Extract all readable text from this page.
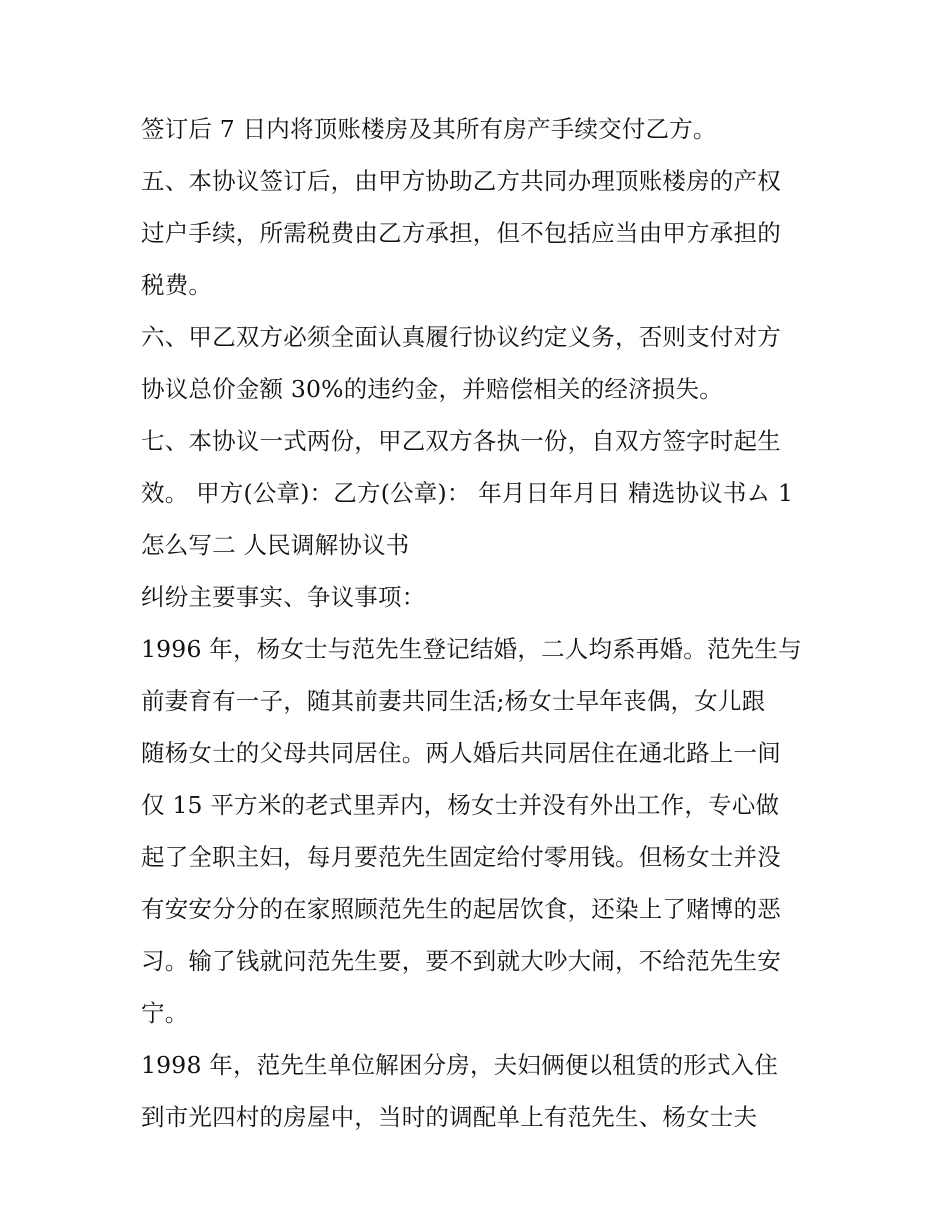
签订后 7 日内将顶账楼房及其所有房产手续交付乙方。
五、本协议签订后，由甲方协助乙方共同办理顶账楼房的产权
过户手续，所需税费由乙方承担，但不包括应当由甲方承担的
税费。
六、甲乙双方必须全面认真履行协议约定义务，否则支付对方
协议总价金额 30%的违约金，并赔偿相关的经济损失。
七、本协议一式两份，甲乙双方各执一份，自双方签字时起生
效。 甲方(公章)：乙方(公章)： 年月日年月日 精选协议书ム 1
怎么写二 人民调解协议书
纠纷主要事实、争议事项：
1996 年，杨女士与范先生登记结婚，二人均系再婚。范先生与
前妻育有一子，随其前妻共同生活;杨女士早年丧偶，女儿跟
随杨女士的父母共同居住。两人婚后共同居住在通北路上一间
仅 15 平方米的老式里弄内，杨女士并没有外出工作，专心做
起了全职主妇，每月要范先生固定给付零用钱。但杨女士并没
有安安分分的在家照顾范先生的起居饮食，还染上了赌博的恶
习。输了钱就问范先生要，要不到就大吵大闹，不给范先生安
宁。
1998 年，范先生单位解困分房，夫妇俩便以租赁的形式入住
到市光四村的房屋中，当时的调配单上有范先生、杨女士夫
